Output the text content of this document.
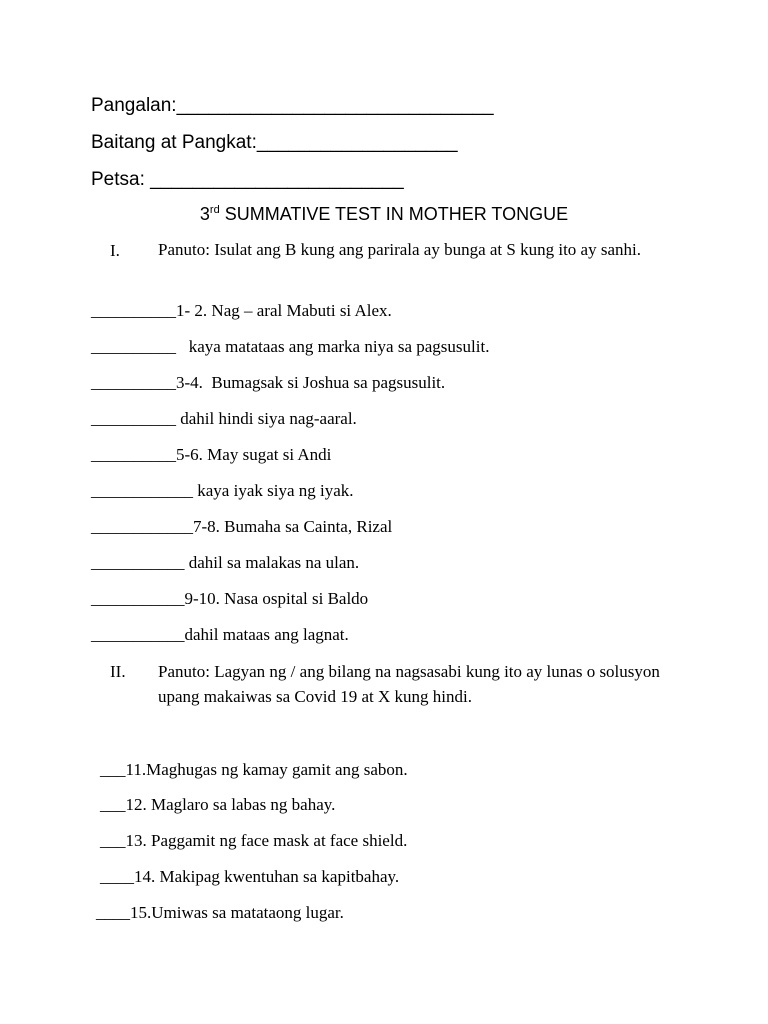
Pangalan:______________________________
Baitang at Pangkat:___________________
Petsa: ________________________
3rd SUMMATIVE TEST IN MOTHER TONGUE
I. Panuto: Isulat ang B kung ang parirala ay bunga at S kung ito ay sanhi.
__________1- 2. Nag – aral Mabuti si Alex.
__________   kaya matataas ang marka niya sa pagsusulit.
__________3-4.  Bumagsak si Joshua sa pagsusulit.
__________ dahil hindi siya nag-aaral.
__________5-6. May sugat si Andi
____________ kaya iyak siya ng iyak.
____________7-8. Bumaha sa Cainta, Rizal
___________ dahil sa malakas na ulan.
___________9-10. Nasa ospital si Baldo
___________dahil mataas ang lagnat.
II. Panuto: Lagyan ng / ang bilang na nagsasabi kung ito ay lunas o solusyon upang makaiwas sa Covid 19 at X kung hindi.
___11.Maghugas ng kamay gamit ang sabon.
___12. Maglaro sa labas ng bahay.
___13. Paggamit ng face mask at face shield.
____14. Makipag kwentuhan sa kapitbahay.
____15.Umiwas sa matataong lugar.
